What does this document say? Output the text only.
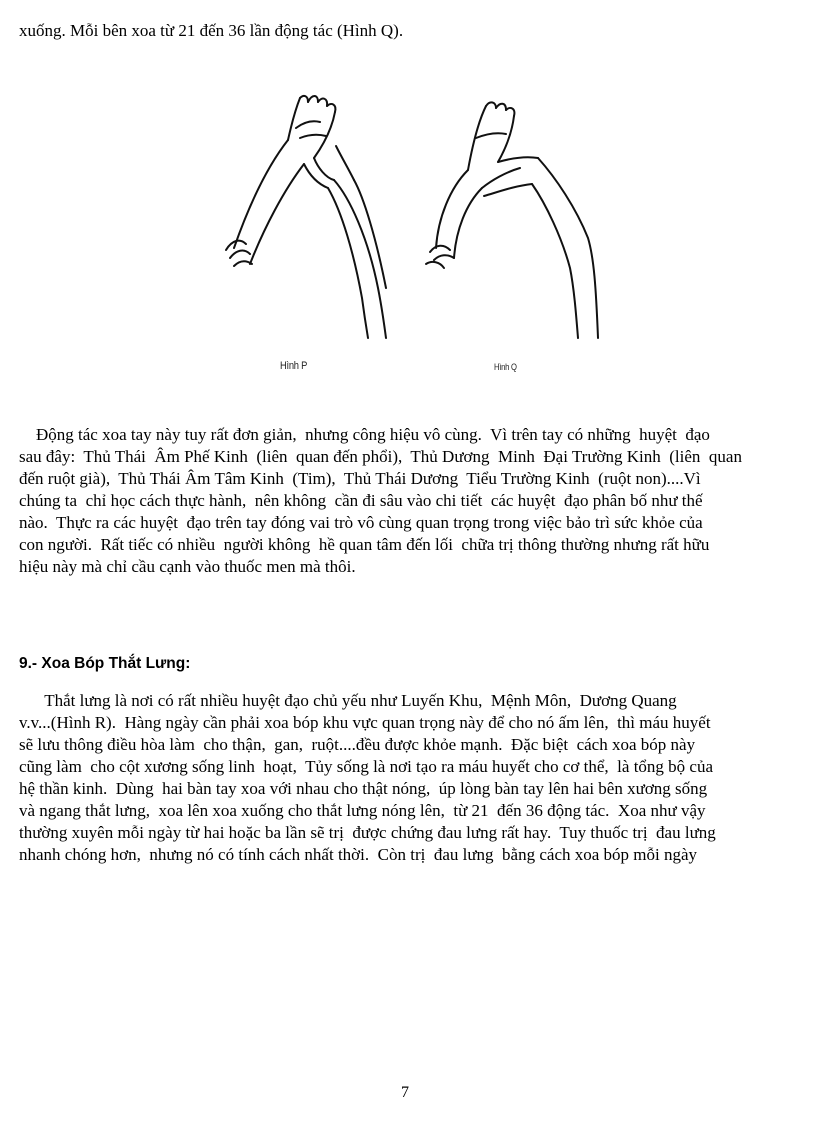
xuống. Mỗi bên xoa từ 21 đến 36 lần động tác (Hình Q).
Hình P	Hình Q
Động tác xoa tay này tuy rất đơn giản,  nhưng công hiệu vô cùng.  Vì trên tay có những  huyệt  đạo
sau đây:  Thủ Thái  Âm Phế Kinh  (liên  quan đến phổi),  Thủ Dương  Minh  Đại Trường Kinh  (liên  quan
đến ruột già),  Thủ Thái Âm Tâm Kinh  (Tim),  Thủ Thái Dương  Tiểu Trường Kinh  (ruột non)....Vì
chúng ta  chỉ học cách thực hành,  nên không  cần đi sâu vào chi tiết  các huyệt  đạo phân bố như thế
nào.  Thực ra các huyệt  đạo trên tay đóng vai trò vô cùng quan trọng trong việc bảo trì sức khỏe của
con người.  Rất tiếc có nhiều  người không  hề quan tâm đến lối  chữa trị thông thường nhưng rất hữu
hiệu này mà chỉ cầu cạnh vào thuốc men mà thôi.
9.- Xoa Bóp Thắt Lưng:
Thắt lưng là nơi có rất nhiều huyệt đạo chủ yếu như Luyến Khu,  Mệnh Môn,  Dương Quang
v.v...(Hình R).  Hàng ngày cần phải xoa bóp khu vực quan trọng này để cho nó ấm lên,  thì máu huyết
sẽ lưu thông điều hòa làm  cho thận,  gan,  ruột....đều được khỏe mạnh.  Đặc biệt  cách xoa bóp này
cũng làm  cho cột xương sống linh  hoạt,  Tủy sống là nơi tạo ra máu huyết cho cơ thể,  là tổng bộ của
hệ thần kinh.  Dùng  hai bàn tay xoa với nhau cho thật nóng,  úp lòng bàn tay lên hai bên xương sống
và ngang thắt lưng,  xoa lên xoa xuống cho thắt lưng nóng lên,  từ 21  đến 36 động tác.  Xoa như vậy
thường xuyên mỗi ngày từ hai hoặc ba lần sẽ trị  được chứng đau lưng rất hay.  Tuy thuốc trị  đau lưng
nhanh chóng hơn,  nhưng nó có tính cách nhất thời.  Còn trị  đau lưng  bằng cách xoa bóp mỗi ngày
7
